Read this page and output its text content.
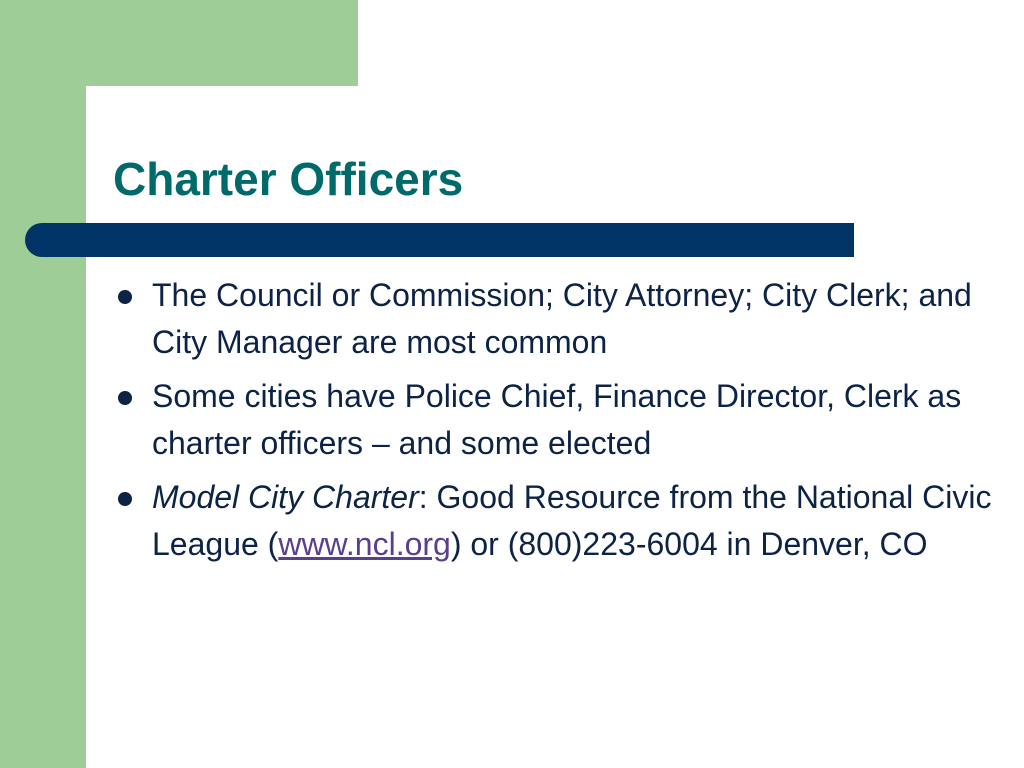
Charter Officers
The Council or Commission; City Attorney; City Clerk; and City Manager are most common
Some cities have Police Chief, Finance Director, Clerk as charter officers – and some elected
Model City Charter: Good Resource from the National Civic League (www.ncl.org) or (800)223-6004 in Denver, CO
